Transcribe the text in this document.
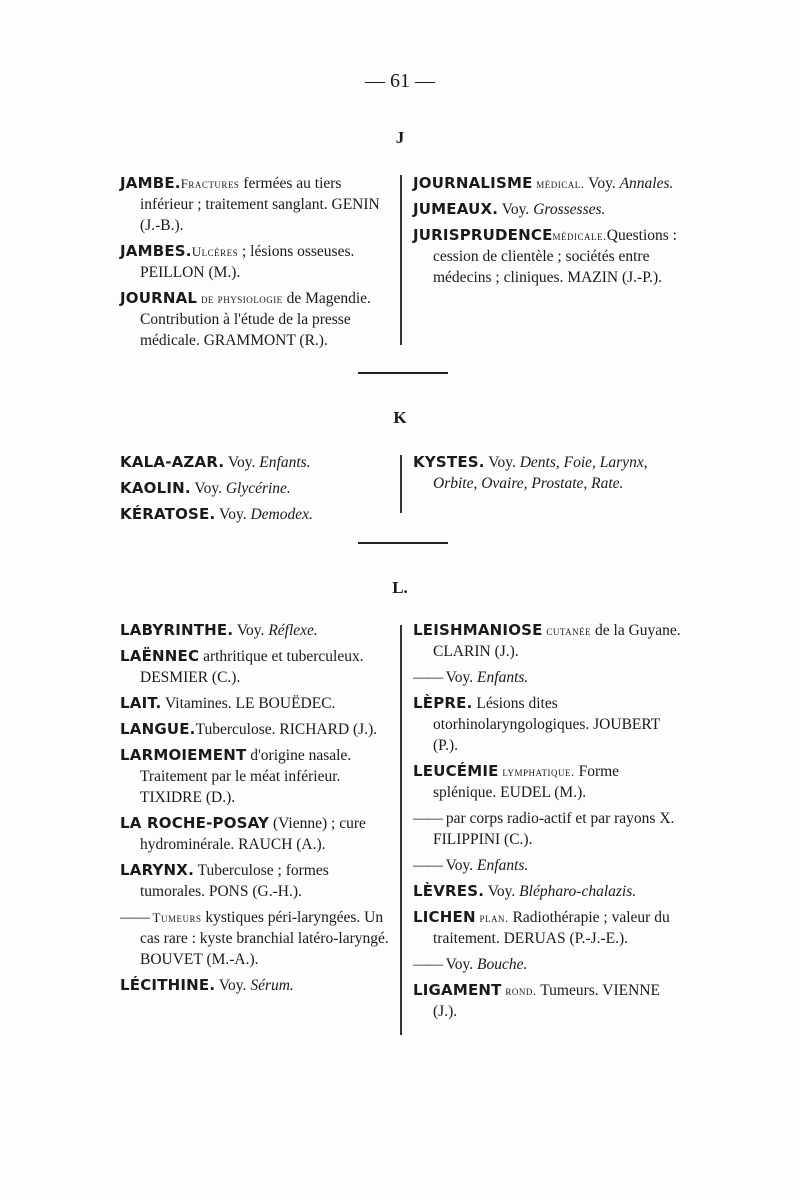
— 61 —
J
JAMBE.Fractures fermées au tiers inférieur ; traitement sanglant. GENIN (J.-B.).
JAMBES.Ulcères ; lésions osseuses. PEILLON (M.).
JOURNAL de physiologie de Magendie. Contribution à l'étude de la presse médicale. GRAMMONT (R.).
JOURNALISME médical. Voy. Annales.
JUMEAUX. Voy. Grossesses.
JURISPRUDENCEmédicale.Questions : cession de clientèle ; sociétés entre médecins ; cliniques. MAZIN (J.-P.).
K
KALA-AZAR. Voy. Enfants.
KAOLIN. Voy. Glycérine.
KÉRATOSE. Voy. Demodex.
KYSTES. Voy. Dents, Foie, Larynx, Orbite, Ovaire, Prostate, Rate.
L.
LABYRINTHE. Voy. Réflexe.
LAËNNEC arthritique et tuberculeux. DESMIER (C.).
LAIT. Vitamines. LE BOUËDEC.
LANGUE.Tuberculose. RICHARD (J.).
LARMOIEMENT d'origine nasale. Traitement par le méat inférieur. TIXIDRE (D.).
LA ROCHE-POSAY (Vienne) ; cure hydrominérale. RAUCH (A.).
LARYNX. Tuberculose ; formes tumorales. PONS (G.-H.).
—— Tumeurs kystiques péri-laryngées. Un cas rare : kyste branchial latéro-laryngé. BOUVET (M.-A.).
LÉCITHINE. Voy. Sérum.
LEISHMANIOSE cutanée de la Guyane. CLARIN (J.).
—— Voy. Enfants.
LÈPRE. Lésions dites otorhinolaryngologiques. JOUBERT (P.).
LEUCÉMIE lymphatique. Forme splénique. EUDEL (M.).
—— par corps radio-actif et par rayons X. FILIPPINI (C.).
—— Voy. Enfants.
LÈVRES. Voy. Blépharo-chalazis.
LICHEN plan. Radiothérapie ; valeur du traitement. DERUAS (P.-J.-E.).
—— Voy. Bouche.
LIGAMENT rond. Tumeurs. VIENNE (J.).
